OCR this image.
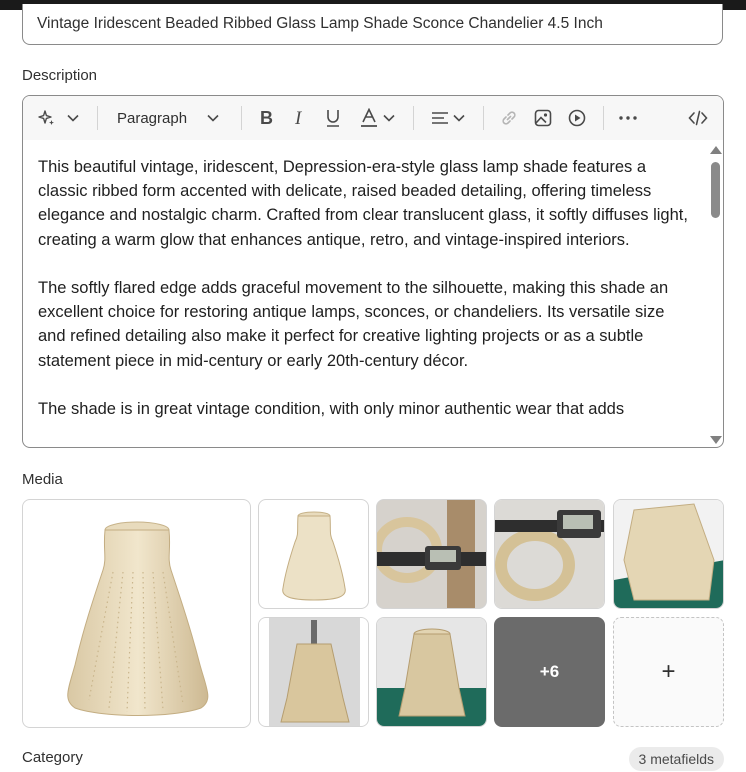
Vintage Iridescent Beaded Ribbed Glass Lamp Shade Sconce Chandelier 4.5 Inch
Description
Paragraph	B I

This beautiful vintage, iridescent, Depression-era-style glass lamp shade features a classic ribbed form accented with delicate, raised beaded detailing, offering timeless elegance and nostalgic charm. Crafted from clear translucent glass, it softly diffuses light, creating a warm glow that enhances antique, retro, and vintage-inspired interiors.

The softly flared edge adds graceful movement to the silhouette, making this shade an excellent choice for restoring antique lamps, sconces, or chandeliers. Its versatile size and refined detailing also make it perfect for creative lighting projects or as a subtle statement piece in mid-century or early 20th-century décor.

The shade is in great vintage condition, with only minor authentic wear that adds

Media
+6	+
Category	3 metafields
